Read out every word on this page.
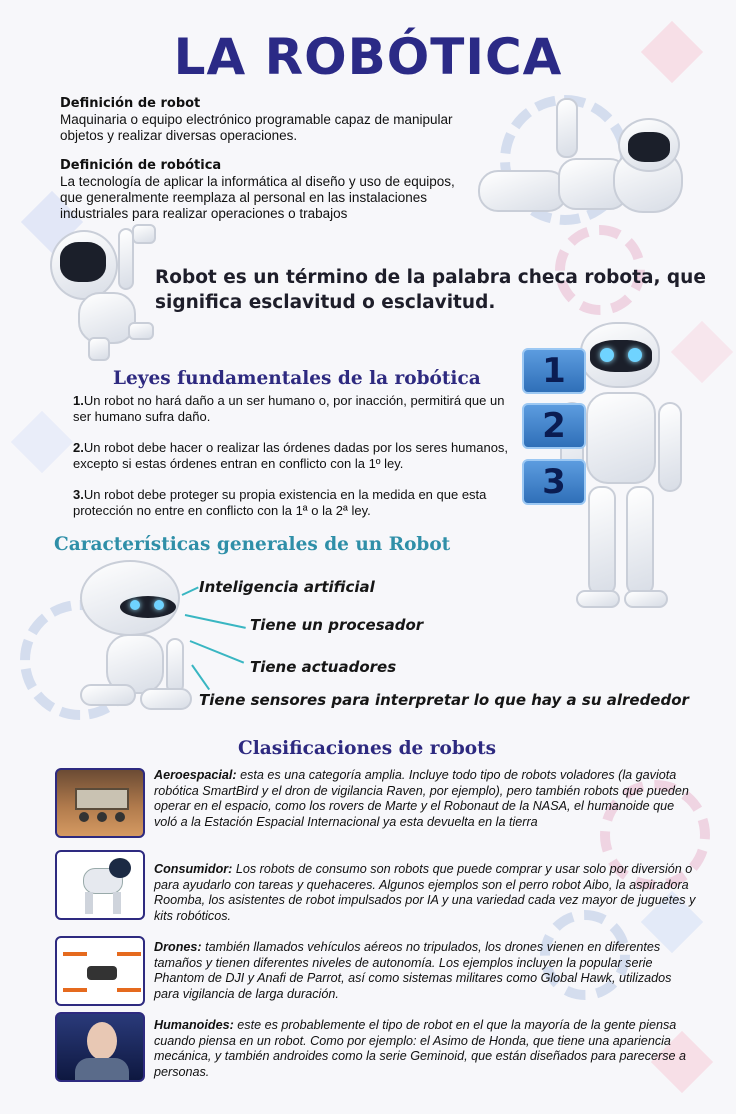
LA ROBÓTICA
Definición de robot

Maquinaria o equipo electrónico programable capaz de manipular objetos y realizar diversas operaciones.

Definición de robótica

La tecnología de aplicar la informática al diseño y uso de equipos, que generalmente reemplaza al personal en las instalaciones industriales para realizar operaciones o trabajos

Robot es un término de la palabra checa robota, que significa esclavitud o esclavitud.
Leyes fundamentales de la robótica
1.Un robot no hará daño a un ser humano o, por inacción, permitirá que un ser humano sufra daño.
2.Un robot debe hacer o realizar las órdenes dadas por los seres humanos, excepto si estas órdenes entran en conflicto con la 1º ley.
3.Un robot debe proteger su propia existencia en la medida en que esta protección no entre en conflicto con la 1ª o la 2ª ley.
1
2
3
Características generales de un Robot
Inteligencia artificial
Tiene un procesador
Tiene actuadores
Tiene sensores para interpretar lo que hay a su alrededor
Clasificaciones de robots
Aeroespacial: esta es una categoría amplia. Incluye todo tipo de robots voladores (la gaviota robótica SmartBird y el dron de vigilancia Raven, por ejemplo), pero también robots que pueden operar en el espacio, como los rovers de Marte y el Robonaut de la NASA, el humanoide que voló a la Estación Espacial Internacional ya esta devuelta en la tierra
Consumidor: Los robots de consumo son robots que puede comprar y usar solo por diversión o para ayudarlo con tareas y quehaceres. Algunos ejemplos son el perro robot Aibo, la aspiradora Roomba, los asistentes de robot impulsados por IA y una variedad cada vez mayor de juguetes y kits robóticos.
Drones: también llamados vehículos aéreos no tripulados, los drones vienen en diferentes tamaños y tienen diferentes niveles de autonomía. Los ejemplos incluyen la popular serie Phantom de DJI y Anafi de Parrot, así como sistemas militares como Global Hawk, utilizados para vigilancia de larga duración.
Humanoides: este es probablemente el tipo de robot en el que la mayoría de la gente piensa cuando piensa en un robot. Como por ejemplo: el Asimo de Honda, que tiene una apariencia mecánica, y también androides como la serie Geminoid, que están diseñados para parecerse a personas.
